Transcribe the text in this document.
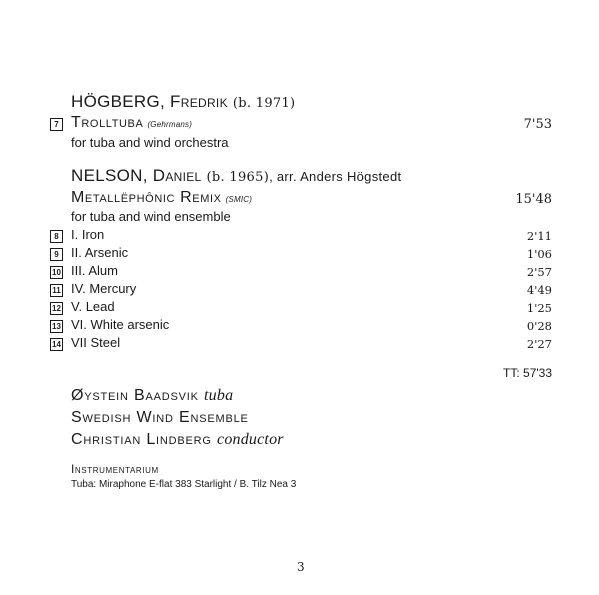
HÖGBERG, Fredrik (b. 1971)
7 Trolltuba (Gehrmans)	7'53
for tuba and wind orchestra
NELSON, Daniel (b. 1965), arr. Anders Högstedt
Metallëphônic Remix (SMIC)	15'48
for tuba and wind ensemble
8 I. Iron	2'11
9 II. Arsenic	1'06
10 III. Alum	2'57
11 IV. Mercury	4'49
12 V. Lead	1'25
13 VI. White arsenic	0'28
14 VII Steel	2'27
TT: 57'33
Øystein Baadsvik tuba
Swedish Wind Ensemble
Christian Lindberg conductor
Instrumentarium
Tuba: Miraphone E-flat 383 Starlight / B. Tilz Nea 3
3
